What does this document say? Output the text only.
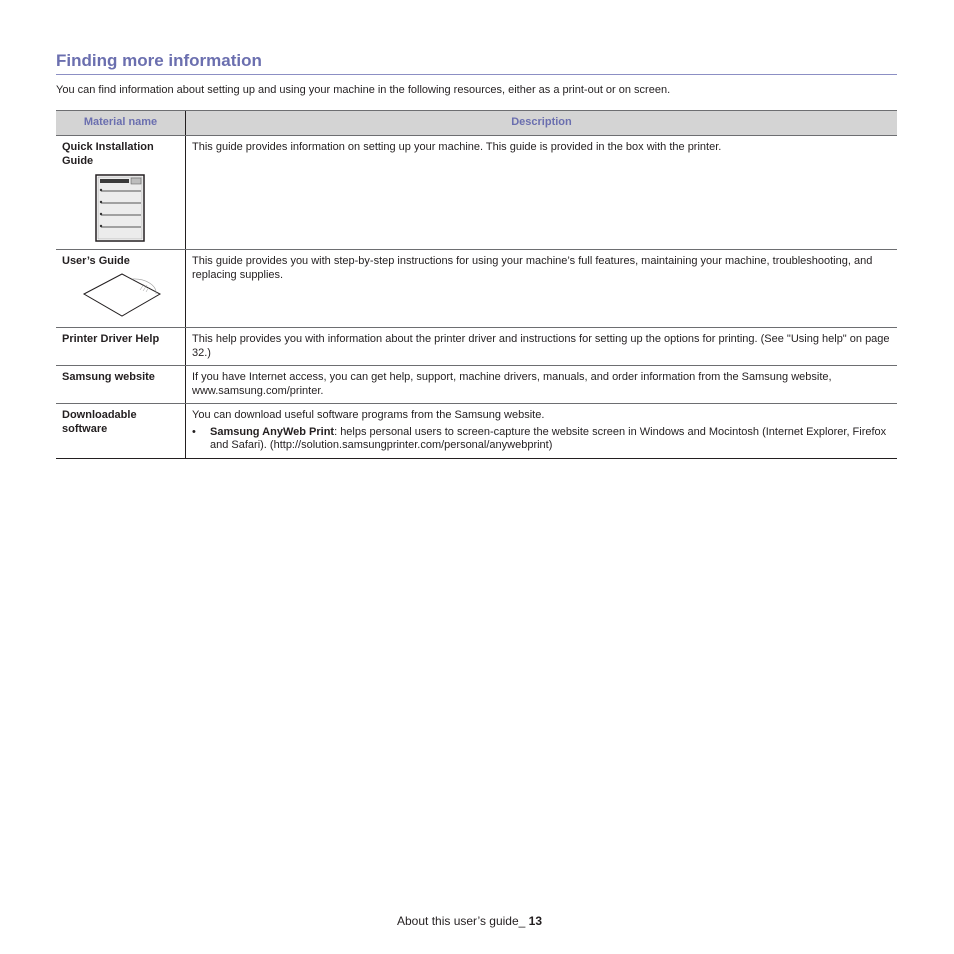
Finding more information

You can find information about setting up and using your machine in the following resources, either as a print-out or on screen.

Material name	Description
Quick Installation Guide	This guide provides information on setting up your machine. This guide is provided in the box with the printer.
User’s Guide	This guide provides you with step-by-step instructions for using your machine’s full features, maintaining your machine, troubleshooting, and replacing supplies.
Printer Driver Help	This help provides you with information about the printer driver and instructions for setting up the options for printing. (See "Using help" on page 32.)
Samsung website	If you have Internet access, you can get help, support, machine drivers, manuals, and order information from the Samsung website, www.samsung.com/printer.
Downloadable software	You can download useful software programs from the Samsung website.
• Samsung AnyWeb Print: helps personal users to screen-capture the website screen in Windows and Mocintosh (Internet Explorer, Firefox and Safari). (http://solution.samsungprinter.com/personal/anywebprint)
About this user’s guide_ 13
